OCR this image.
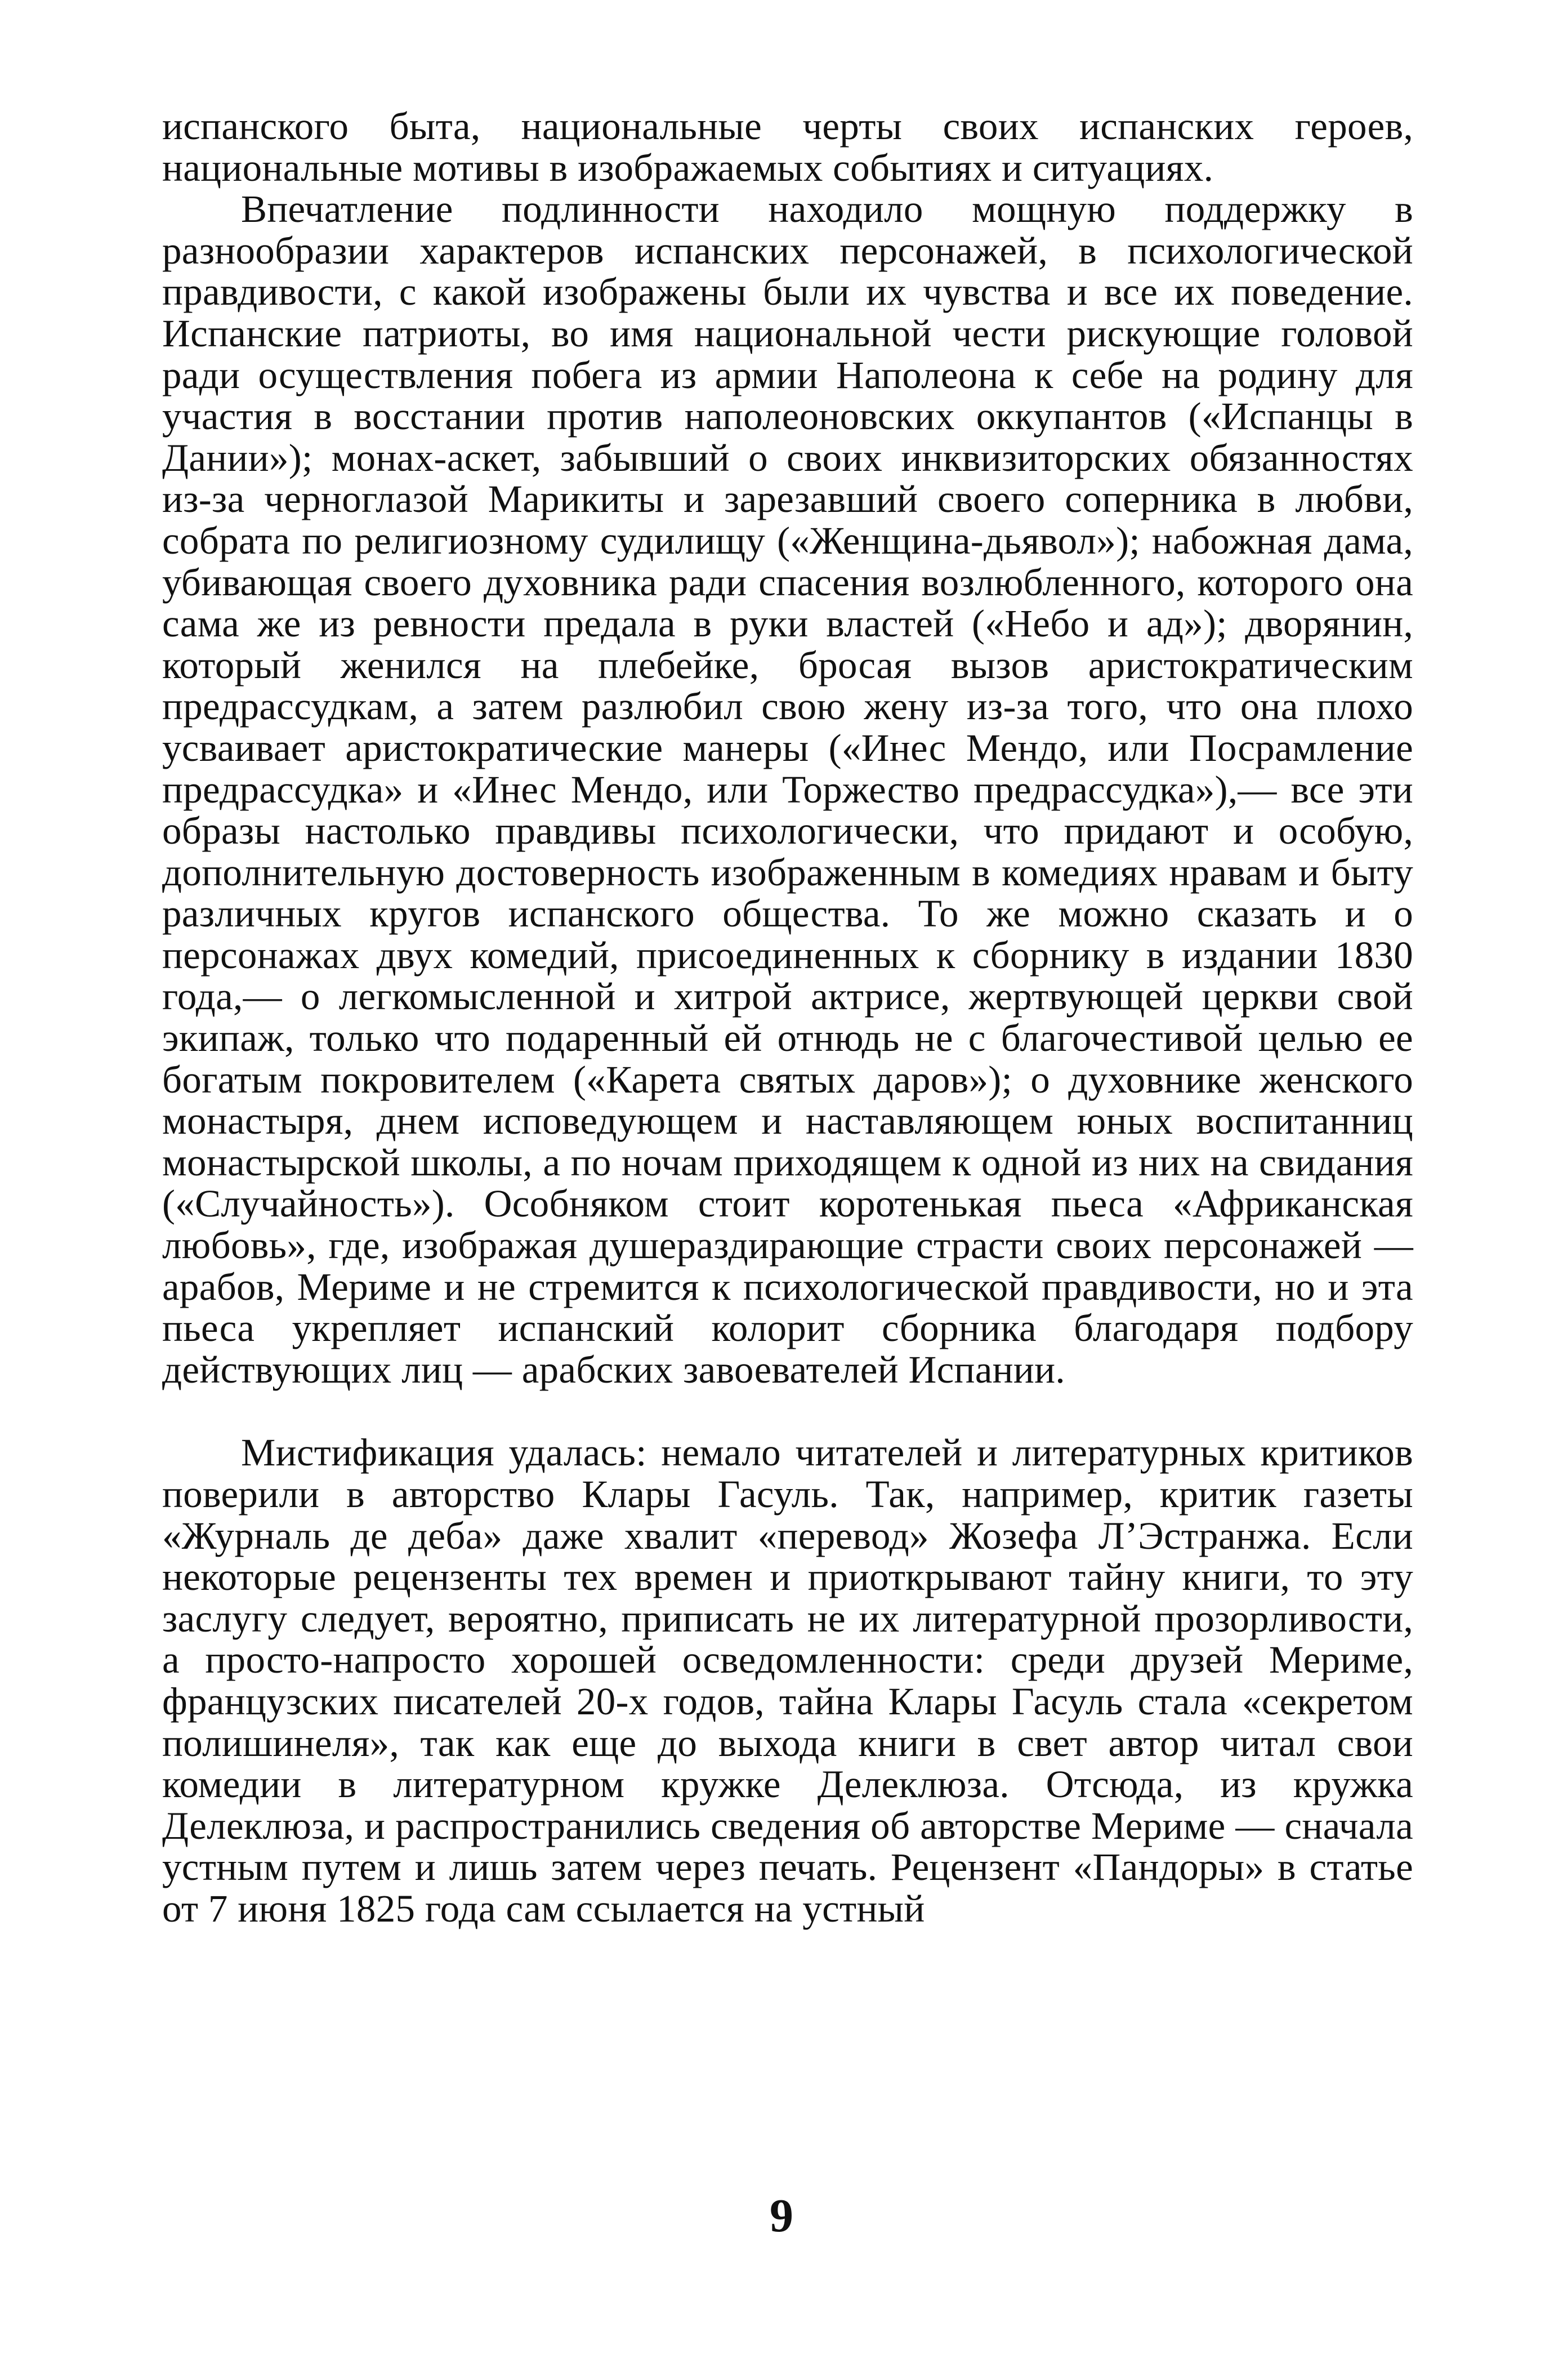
испанского быта, национальные черты своих испанских героев, национальные мотивы в изображаемых событиях и ситуациях.

Впечатление подлинности находило мощную поддержку в разнообразии характеров испанских персонажей, в психологической правдивости, с какой изображены были их чувства и все их поведение. Испанские патриоты, во имя национальной чести рискующие головой ради осуществления побега из армии Наполеона к себе на родину для участия в восстании против наполеоновских оккупантов («Испанцы в Дании»); монах-аскет, забывший о своих инквизиторских обязанностях из-за черноглазой Марикиты и зарезавший своего соперника в любви, собрата по религиозному судилищу («Женщина-дьявол»); набожная дама, убивающая своего духовника ради спасения возлюбленного, которого она сама же из ревности предала в руки властей («Небо и ад»); дворянин, который женился на плебейке, бросая вызов аристократическим предрассудкам, а затем разлюбил свою жену из-за того, что она плохо усваивает аристократические манеры («Инес Мендо, или Посрамление предрассудка» и «Инес Мендо, или Торжество предрассудка»),— все эти образы настолько правдивы психологически, что придают и особую, дополнительную достоверность изображенным в комедиях нравам и быту различных кругов испанского общества. То же можно сказать и о персонажах двух комедий, присоединенных к сборнику в издании 1830 года,— о легкомысленной и хитрой актрисе, жертвующей церкви свой экипаж, только что подаренный ей отнюдь не с благочестивой целью ее богатым покровителем («Карета святых даров»); о духовнике женского монастыря, днем исповедующем и наставляющем юных воспитанниц монастырской школы, а по ночам приходящем к одной из них на свидания («Случайность»). Особняком стоит коротенькая пьеса «Африканская любовь», где, изображая душераздирающие страсти своих персонажей — арабов, Мериме и не стремится к психологической правдивости, но и эта пьеса укрепляет испанский колорит сборника благодаря подбору действующих лиц — арабских завоевателей Испании.

Мистификация удалась: немало читателей и литературных критиков поверили в авторство Клары Гасуль. Так, например, критик газеты «Журналь де деба» даже хвалит «перевод» Жозефа Л’Эстранжа. Если некоторые рецензенты тех времен и приоткрывают тайну книги, то эту заслугу следует, вероятно, приписать не их литературной прозорливости, а просто-напросто хорошей осведомленности: среди друзей Мериме, французских писателей 20-х годов, тайна Клары Гасуль стала «секретом полишинеля», так как еще до выхода книги в свет автор читал свои комедии в литературном кружке Делеклюза. Отсюда, из кружка Делеклюза, и распространились сведения об авторстве Мериме — сначала устным путем и лишь затем через печать. Рецензент «Пандоры» в статье от 7 июня 1825 года сам ссылается на устный

9
